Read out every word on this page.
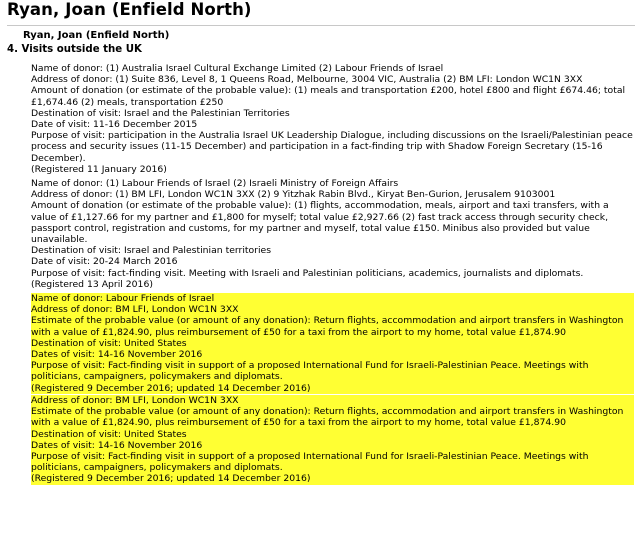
Ryan, Joan (Enfield North)
Ryan, Joan (Enfield North)
4. Visits outside the UK
Name of donor: (1) Australia Israel Cultural Exchange Limited (2) Labour Friends of Israel
Address of donor: (1) Suite 836, Level 8, 1 Queens Road, Melbourne, 3004 VIC, Australia (2) BM LFI: London WC1N 3XX
Amount of donation (or estimate of the probable value): (1) meals and transportation £200, hotel £800 and flight £674.46; total £1,674.46 (2) meals, transportation £250
Destination of visit: Israel and the Palestinian Territories
Date of visit: 11-16 December 2015
Purpose of visit: participation in the Australia Israel UK Leadership Dialogue, including discussions on the Israeli/Palestinian peace process and security issues (11-15 December) and participation in a fact-finding trip with Shadow Foreign Secretary (15-16 December).
(Registered 11 January 2016)
Name of donor: (1) Labour Friends of Israel (2) Israeli Ministry of Foreign Affairs
Address of donor: (1) BM LFI, London WC1N 3XX (2) 9 Yitzhak Rabin Blvd., Kiryat Ben-Gurion, Jerusalem 9103001
Amount of donation (or estimate of the probable value): (1) flights, accommodation, meals, airport and taxi transfers, with a value of £1,127.66 for my partner and £1,800 for myself; total value £2,927.66 (2) fast track access through security check, passport control, registration and customs, for my partner and myself, total value £150. Minibus also provided but value unavailable.
Destination of visit: Israel and Palestinian territories
Date of visit: 20-24 March 2016
Purpose of visit: fact-finding visit. Meeting with Israeli and Palestinian politicians, academics, journalists and diplomats.
(Registered 13 April 2016)
Name of donor: Labour Friends of Israel
Address of donor: BM LFI, London WC1N 3XX
Estimate of the probable value (or amount of any donation): Return flights, accommodation and airport transfers in Washington with a value of £1,824.90, plus reimbursement of £50 for a taxi from the airport to my home, total value £1,874.90
Destination of visit: United States
Dates of visit: 14-16 November 2016
Purpose of visit: Fact-finding visit in support of a proposed International Fund for Israeli-Palestinian Peace. Meetings with politicians, campaigners, policymakers and diplomats.
(Registered 9 December 2016; updated 14 December 2016)
Address of donor: BM LFI, London WC1N 3XX
Estimate of the probable value (or amount of any donation): Return flights, accommodation and airport transfers in Washington with a value of £1,824.90, plus reimbursement of £50 for a taxi from the airport to my home, total value £1,874.90
Destination of visit: United States
Dates of visit: 14-16 November 2016
Purpose of visit: Fact-finding visit in support of a proposed International Fund for Israeli-Palestinian Peace. Meetings with politicians, campaigners, policymakers and diplomats.
(Registered 9 December 2016; updated 14 December 2016)
